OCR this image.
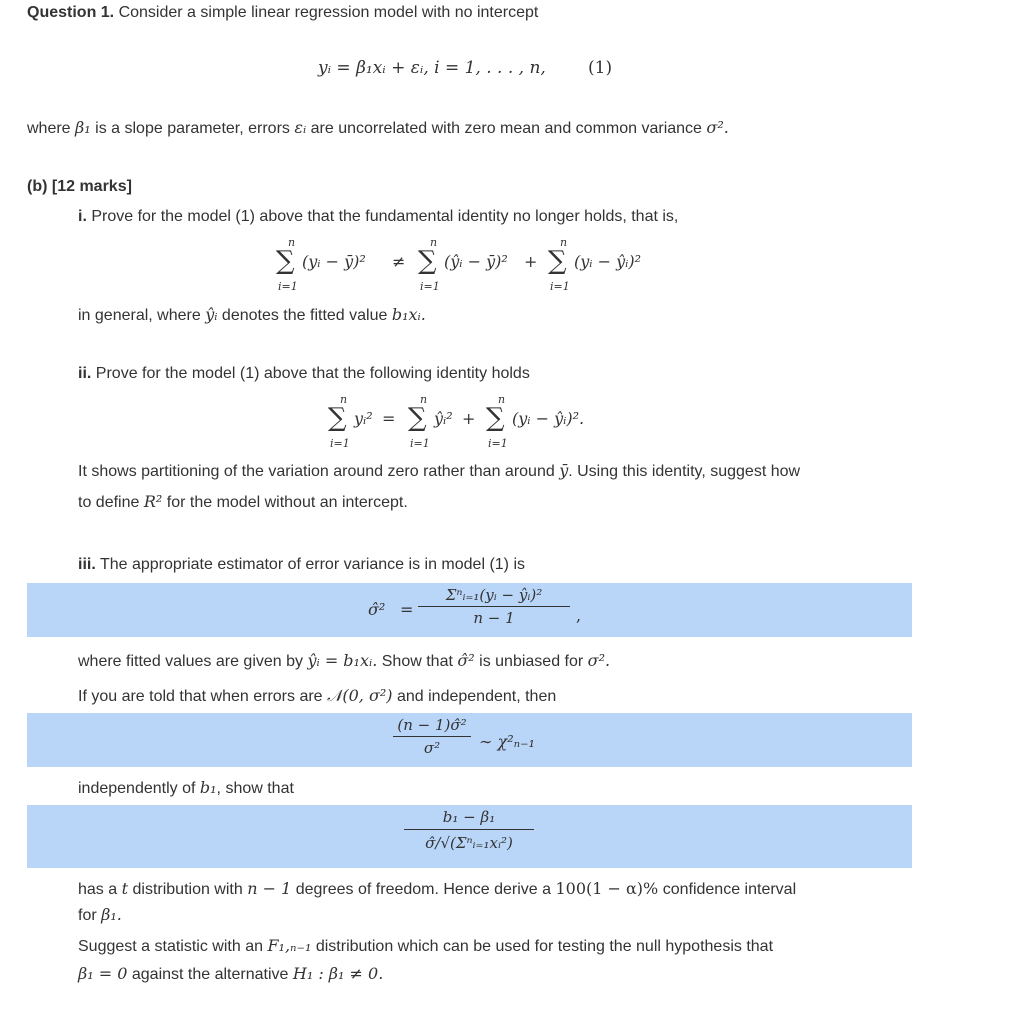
Question 1. Consider a simple linear regression model with no intercept
yᵢ = β₁xᵢ + εᵢ, i = 1, . . . , n, (1)
where β₁ is a slope parameter, errors εᵢ are uncorrelated with zero mean and common variance σ².
(b) [12 marks]
i. Prove for the model (1) above that the fundamental identity no longer holds, that is,
n
∑
i=1
(yᵢ − ȳ)² ≠
n
∑
i=1
(ŷᵢ − ȳ)² +
n
∑
i=1
(yᵢ − ŷᵢ)²
in general, where ŷᵢ denotes the fitted value b₁xᵢ.
ii. Prove for the model (1) above that the following identity holds
n
∑
i=1
yᵢ² =
n
∑
i=1
ŷᵢ² +
n
∑
i=1
(yᵢ − ŷᵢ)².
It shows partitioning of the variation around zero rather than around ȳ. Using this identity, suggest how
to define R² for the model without an intercept.
iii. The appropriate estimator of error variance is in model (1) is
σ̂² =
Σⁿᵢ₌₁(yᵢ − ŷᵢ)²
n − 1	,
where fitted values are given by ŷᵢ = b₁xᵢ. Show that σ̂² is unbiased for σ².
If you are told that when errors are 𝒩(0, σ²) and independent, then
$\frac{\text{(n − 1)σ̂²}}{\text{σ²}}$ ∼ χ²ₙ₋₁
independently of b₁, show that
b₁ − β₁
σ̂/√(Σⁿᵢ₌₁xᵢ²)
has a t distribution with n − 1 degrees of freedom. Hence derive a 100(1 − α)% confidence interval
for β₁.
Suggest a statistic with an F₁,ₙ₋₁ distribution which can be used for testing the null hypothesis that
β₁ = 0 against the alternative H₁ : β₁ ≠ 0.
